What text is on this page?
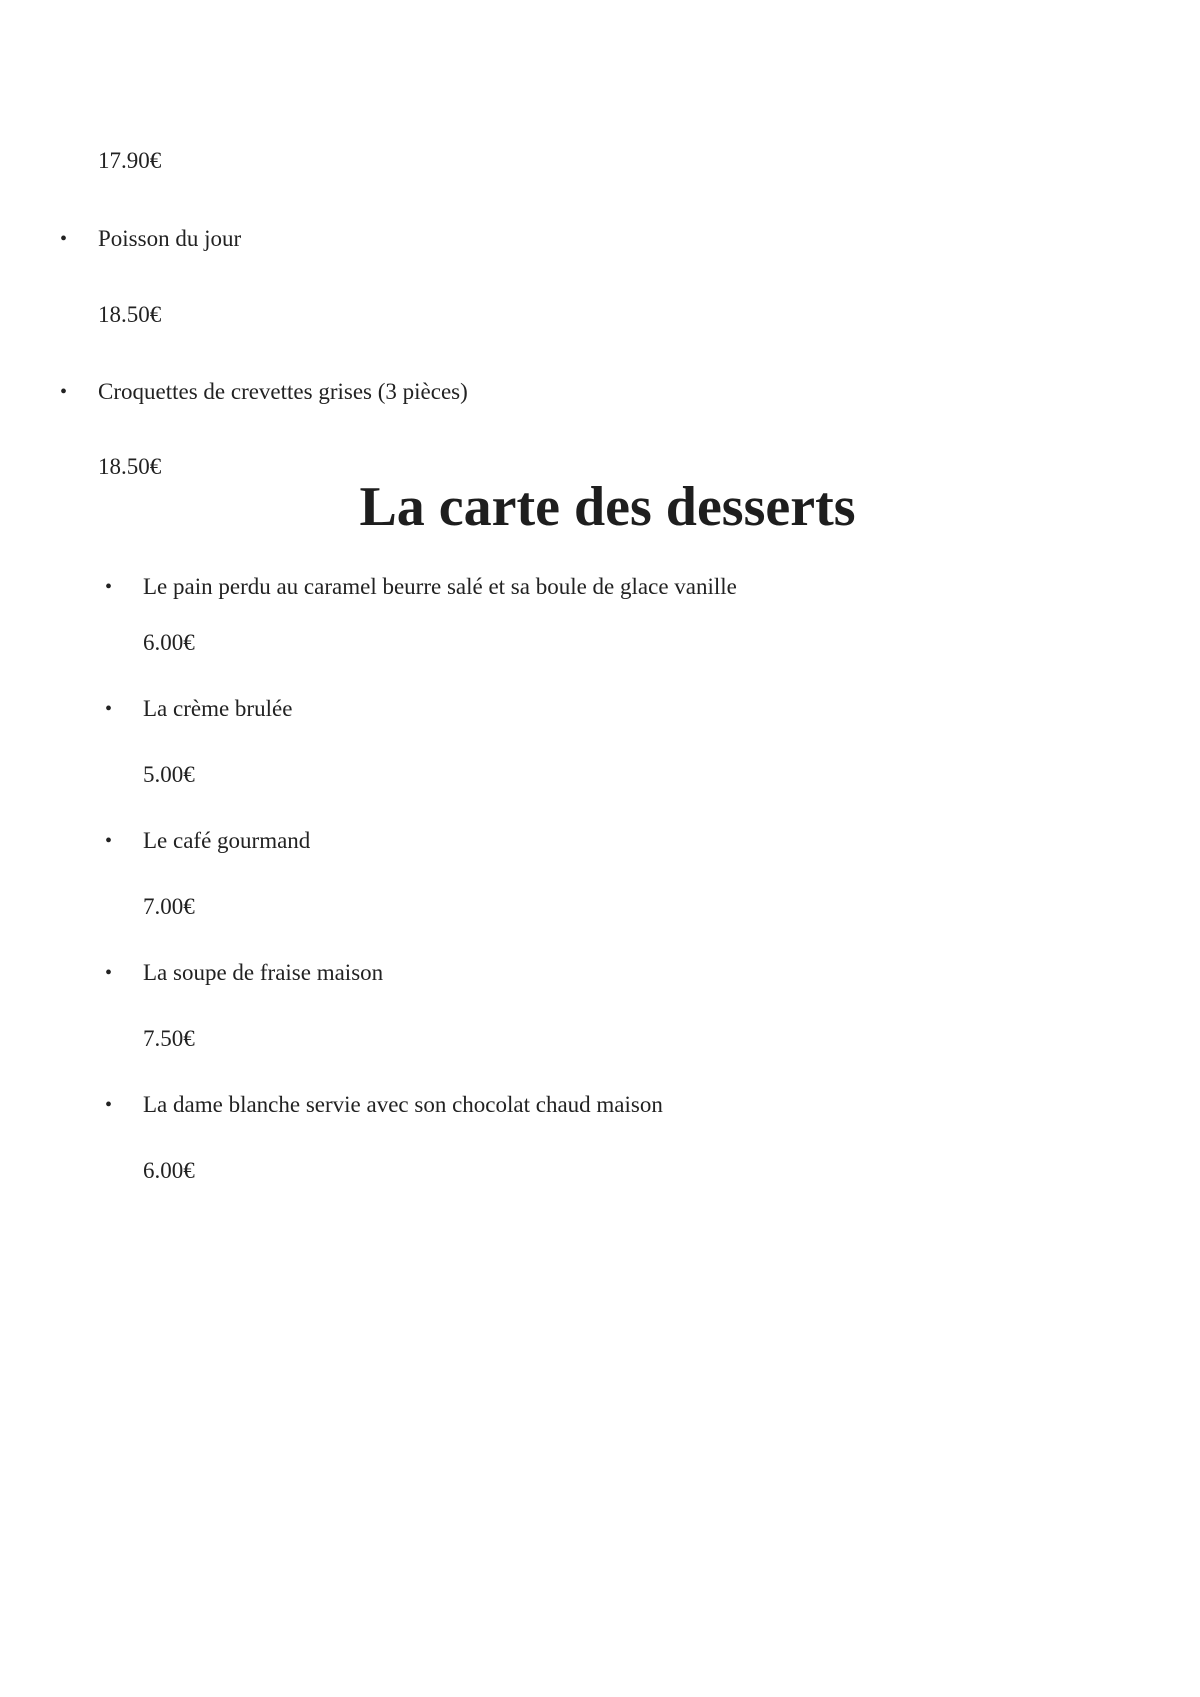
17.90€
• Poisson du jour
18.50€
• Croquettes de crevettes grises (3 pièces)
18.50€
La carte des desserts
• Le pain perdu au caramel beurre salé et sa boule de glace vanille
6.00€
• La crème brulée
5.00€
• Le café gourmand
7.00€
• La soupe de fraise maison
7.50€
• La dame blanche servie avec son chocolat chaud maison
6.00€
